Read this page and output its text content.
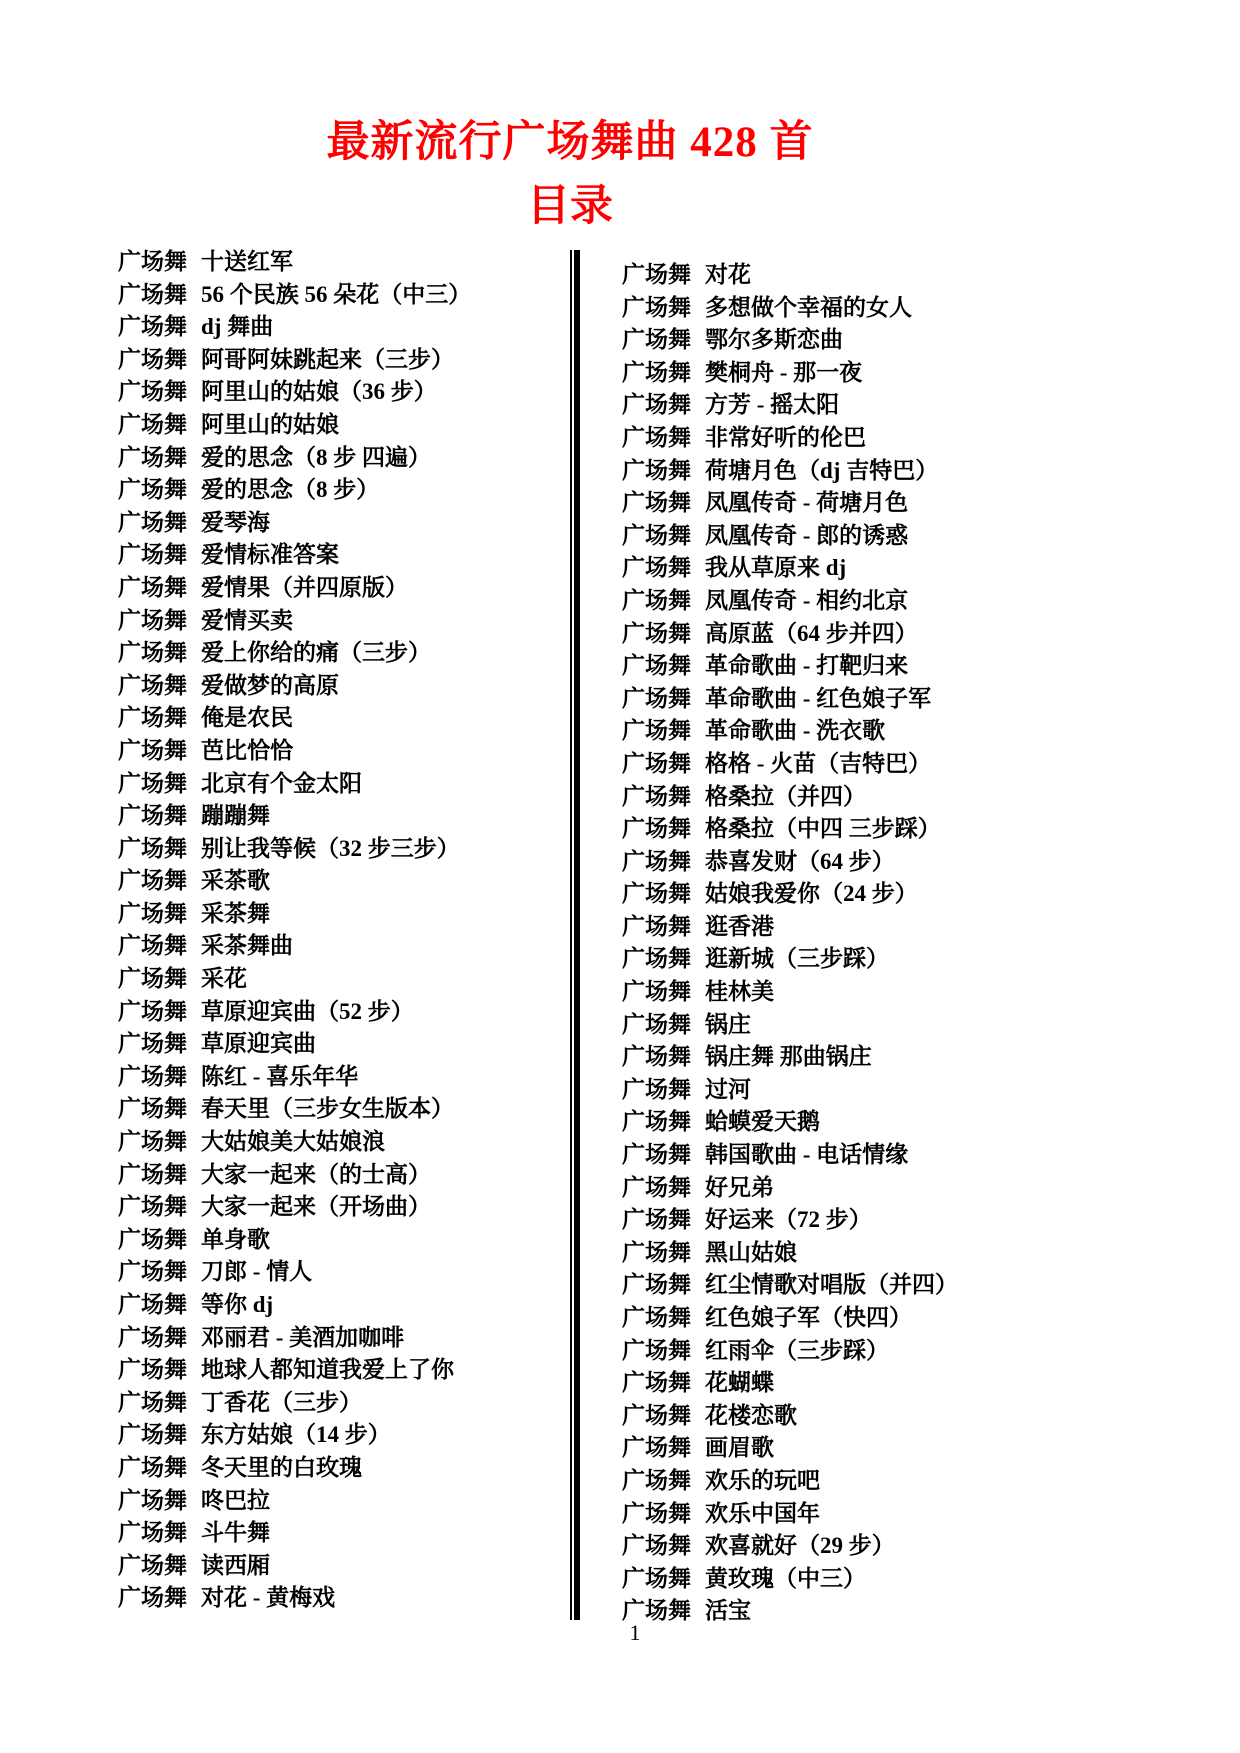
最新流行广场舞曲 428 首
目录
广场舞 十送红军
广场舞 56 个民族 56 朵花（中三）
广场舞 dj 舞曲
广场舞 阿哥阿妹跳起来（三步）
广场舞 阿里山的姑娘（36 步）
广场舞 阿里山的姑娘
广场舞 爱的思念（8 步 四遍）
广场舞 爱的思念（8 步）
广场舞 爱琴海
广场舞 爱情标准答案
广场舞 爱情果（并四原版）
广场舞 爱情买卖
广场舞 爱上你给的痛（三步）
广场舞 爱做梦的高原
广场舞 俺是农民
广场舞 芭比恰恰
广场舞 北京有个金太阳
广场舞 蹦蹦舞
广场舞 别让我等候（32 步三步）
广场舞 采茶歌
广场舞 采茶舞
广场舞 采茶舞曲
广场舞 采花
广场舞 草原迎宾曲（52 步）
广场舞 草原迎宾曲
广场舞 陈红 - 喜乐年华
广场舞 春天里（三步女生版本）
广场舞 大姑娘美大姑娘浪
广场舞 大家一起来（的士高）
广场舞 大家一起来（开场曲）
广场舞 单身歌
广场舞 刀郎 - 情人
广场舞 等你 dj
广场舞 邓丽君 - 美酒加咖啡
广场舞 地球人都知道我爱上了你
广场舞 丁香花（三步）
广场舞 东方姑娘（14 步）
广场舞 冬天里的白玫瑰
广场舞 咚巴拉
广场舞 斗牛舞
广场舞 读西厢
广场舞 对花 - 黄梅戏
广场舞 对花
广场舞 多想做个幸福的女人
广场舞 鄂尔多斯恋曲
广场舞 樊桐舟 - 那一夜
广场舞 方芳 - 摇太阳
广场舞 非常好听的伦巴
广场舞 荷塘月色（dj 吉特巴）
广场舞 凤凰传奇 - 荷塘月色
广场舞 凤凰传奇 - 郎的诱惑
广场舞 我从草原来 dj
广场舞 凤凰传奇 - 相约北京
广场舞 高原蓝（64 步并四）
广场舞 革命歌曲 - 打靶归来
广场舞 革命歌曲 - 红色娘子军
广场舞 革命歌曲 - 洗衣歌
广场舞 格格 - 火苗（吉特巴）
广场舞 格桑拉（并四）
广场舞 格桑拉（中四 三步踩）
广场舞 恭喜发财（64 步）
广场舞 姑娘我爱你（24 步）
广场舞 逛香港
广场舞 逛新城（三步踩）
广场舞 桂林美
广场舞 锅庄
广场舞 锅庄舞 那曲锅庄
广场舞 过河
广场舞 蛤蟆爱天鹅
广场舞 韩国歌曲 - 电话情缘
广场舞 好兄弟
广场舞 好运来（72 步）
广场舞 黑山姑娘
广场舞 红尘情歌对唱版（并四）
广场舞 红色娘子军（快四）
广场舞 红雨伞（三步踩）
广场舞 花蝴蝶
广场舞 花楼恋歌
广场舞 画眉歌
广场舞 欢乐的玩吧
广场舞 欢乐中国年
广场舞 欢喜就好（29 步）
广场舞 黄玫瑰（中三）
广场舞 活宝
1
